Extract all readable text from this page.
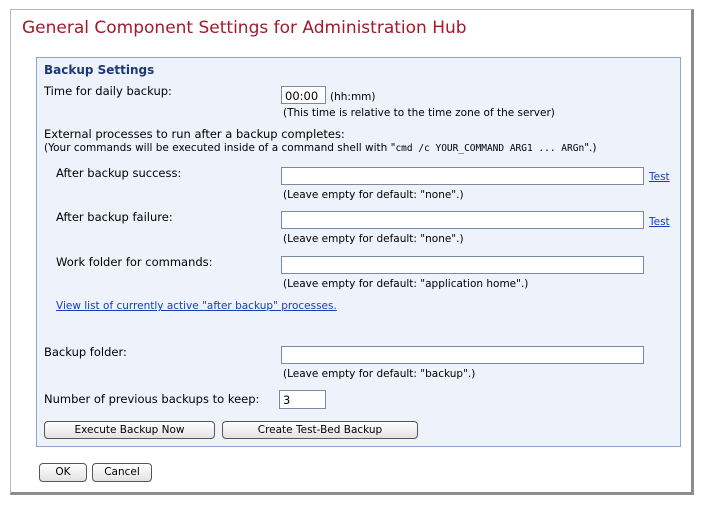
General Component Settings for Administration Hub
Backup Settings
Time for daily backup:	00:00	(hh:mm)
(This time is relative to the time zone of the server)
External processes to run after a backup completes:
(Your commands will be executed inside of a command shell with "cmd /c YOUR_COMMAND ARG1 ... ARGn".)
After backup success:	Test
(Leave empty for default: "none".)
After backup failure:	Test
(Leave empty for default: "none".)
Work folder for commands:
(Leave empty for default: "application home".)
View list of currently active "after backup" processes.
Backup folder:
(Leave empty for default: "backup".)
Number of previous backups to keep:	3
Execute Backup Now	Create Test-Bed Backup
OK	Cancel
